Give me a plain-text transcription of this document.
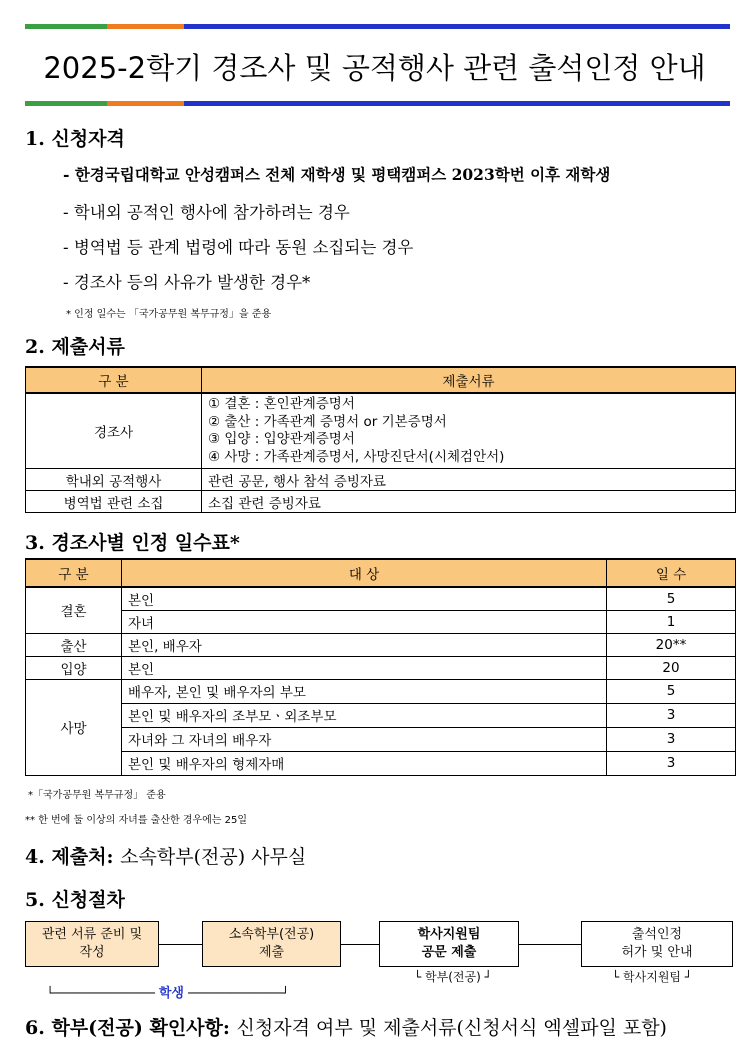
2025-2학기 경조사 및 공적행사 관련 출석인정 안내
1. 신청자격
- 한경국립대학교 안성캠퍼스 전체 재학생 및 평택캠퍼스 2023학번 이후 재학생
- 학내외 공적인 행사에 참가하려는 경우
- 병역법 등 관계 법령에 따라 동원 소집되는 경우
- 경조사 등의 사유가 발생한 경우*
* 인정 일수는 「국가공무원 복무규정」을 준용
2. 제출서류
구 분	제출서류
경조사	① 결혼 : 혼인관계증명서
② 출산 : 가족관계 증명서 or 기본증명서
③ 입양 : 입양관계증명서
④ 사망 : 가족관계증명서, 사망진단서(시체검안서)

학내외 공적행사	관련 공문, 행사 참석 증빙자료
병역법 관련 소집	소집 관련 증빙자료
3. 경조사별 인정 일수표*
구 분	대 상	일 수
결혼	본인	5
	자녀	1
출산	본인, 배우자	20**
입양	본인	20
사망	배우자, 본인 및 배우자의 부모	5
	본인 및 배우자의 조부모ㆍ외조부모	3
	자녀와 그 자녀의 배우자	3
	본인 및 배우자의 형제자매	3
*「국가공무원 복무규정」 준용
** 한 번에 둘 이상의 자녀를 출산한 경우에는 25일
4. 제출처: 소속학부(전공) 사무실
5. 신청절차
관련 서류 준비 및
작성
소속학부(전공)
제출
학사지원팀
공문 제출
출석인정
허가 및 안내

└────────────── 학생 ─────────────┘

└ 학부(전공) ┘	└ 학사지원팀 ┘
6. 학부(전공) 확인사항: 신청자격 여부 및 제출서류(신청서식 엑셀파일 포함)
